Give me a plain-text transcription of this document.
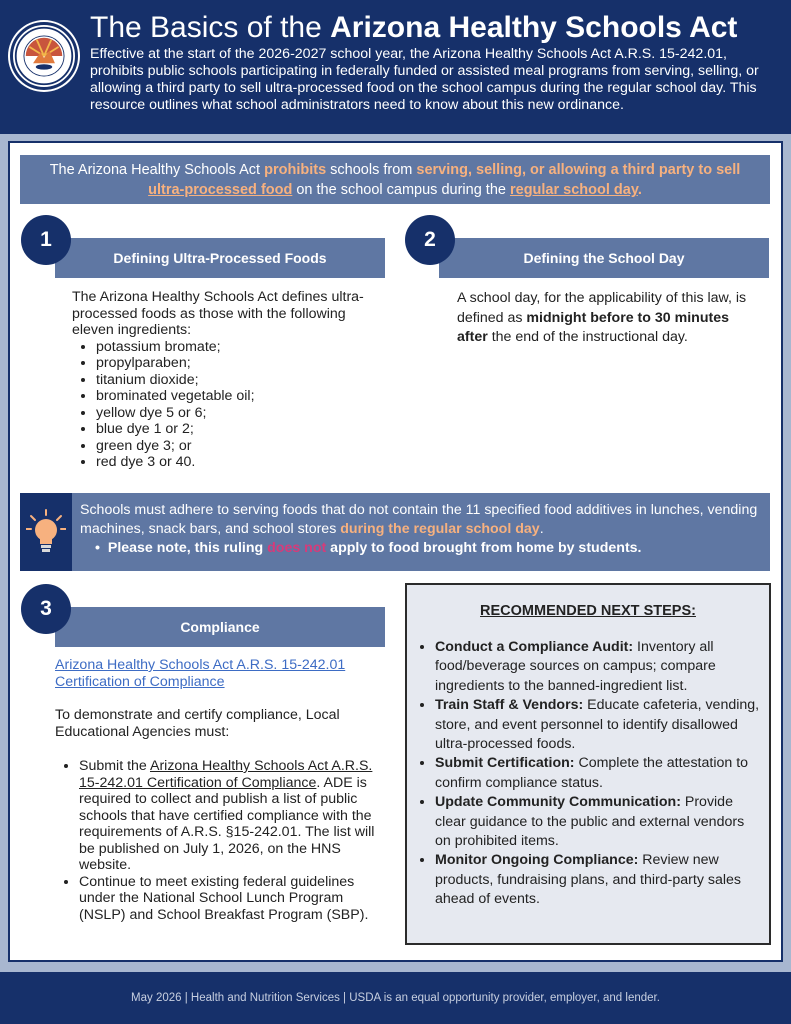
The Basics of the Arizona Healthy Schools Act

Effective at the start of the 2026-2027 school year, the Arizona Healthy Schools Act A.R.S. 15-242.01, prohibits public schools participating in federally funded or assisted meal programs from serving, selling, or allowing a third party to sell ultra-processed food on the school campus during the regular school day. This resource outlines what school administrators need to know about this new ordinance.

The Arizona Healthy Schools Act prohibits schools from serving, selling, or allowing a third party to sell ultra-processed food on the school campus during the regular school day.
Defining Ultra-Processed Foods
1

The Arizona Healthy Schools Act defines ultra-processed foods as those with the following eleven ingredients:

• potassium bromate;
• propylparaben;
• titanium dioxide;
• brominated vegetable oil;
• yellow dye 5 or 6;
• blue dye 1 or 2;
• green dye 3; or
• red dye 3 or 40.
Defining the School Day
2
A school day, for the applicability of this law, is defined as midnight before to 30 minutes after the end of the instructional day.
Schools must adhere to serving foods that do not contain the 11 specified food additives in lunches, vending machines, snack bars, and school stores during the regular school day.
•  Please note, this ruling does not apply to food brought from home by students.
Compliance
3
Arizona Healthy Schools Act A.R.S. 15-242.01 Certification of Compliance

To demonstrate and certify compliance, Local Educational Agencies must:

• Submit the Arizona Healthy Schools Act A.R.S. 15-242.01 Certification of Compliance. ADE is required to collect and publish a list of public schools that have certified compliance with the requirements of A.R.S. §15-242.01. The list will be published on July 1, 2026, on the HNS website.
• Continue to meet existing federal guidelines under the National School Lunch Program (NSLP) and School Breakfast Program (SBP).
RECOMMENDED NEXT STEPS:
• Conduct a Compliance Audit: Inventory all food/beverage sources on campus; compare ingredients to the banned-ingredient list.
• Train Staff & Vendors: Educate cafeteria, vending, store, and event personnel to identify disallowed ultra-processed foods.
• Submit Certification: Complete the attestation to confirm compliance status.
• Update Community Communication: Provide clear guidance to the public and external vendors on prohibited items.
• Monitor Ongoing Compliance: Review new products, fundraising plans, and third-party sales ahead of events.
May 2026 | Health and Nutrition Services | USDA is an equal opportunity provider, employer, and lender.
